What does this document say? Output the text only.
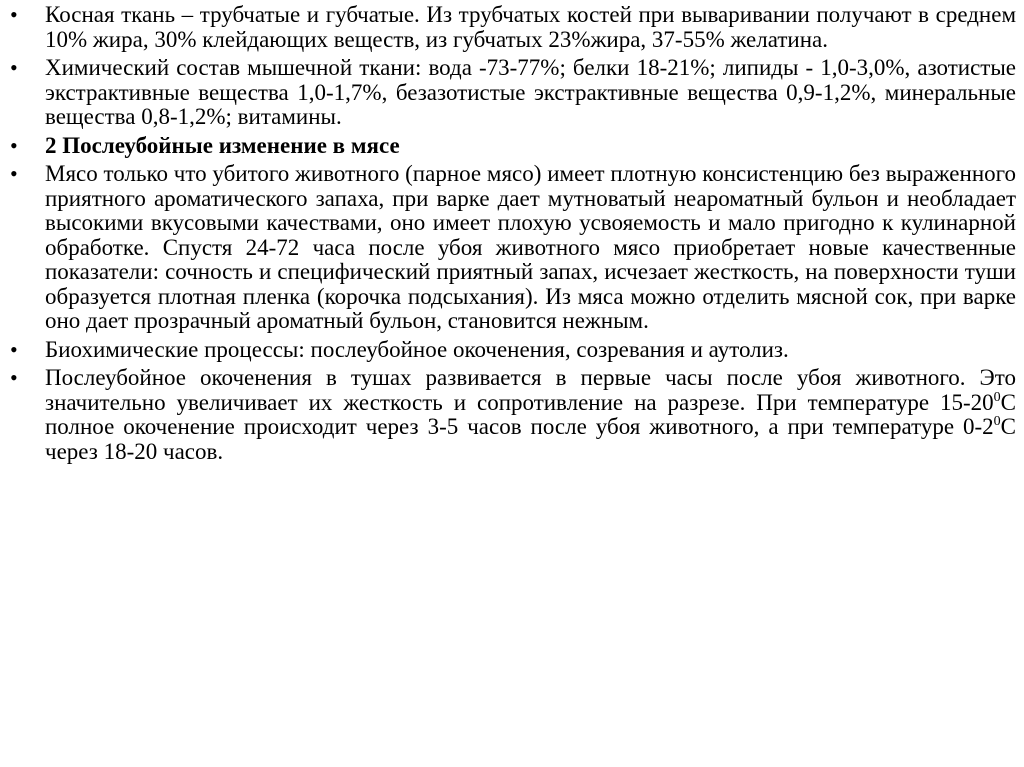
• Косная ткань – трубчатые и губчатые. Из трубчатых костей при вываривании получают в среднем 10% жира, 30% клейдающих веществ, из губчатых 23%жира, 37-55% желатина.
• Химический состав мышечной ткани: вода -73-77%; белки 18-21%; липиды - 1,0-3,0%, азотистые экстрактивные вещества 1,0-1,7%, безазотистые экстрактивные вещества 0,9-1,2%, минеральные вещества 0,8-1,2%; витамины.
• 2 Послеубойные изменение в мясе
• Мясо только что убитого животного (парное мясо) имеет плотную консистенцию без выраженного приятного ароматического запаха, при варке дает мутноватый неароматный бульон и необладает высокими вкусовыми качествами, оно имеет плохую усвояемость и мало пригодно к кулинарной обработке. Спустя 24-72 часа после убоя животного мясо приобретает новые качественные показатели: сочность и специфический приятный запах, исчезает жесткость, на поверхности туши образуется плотная пленка (корочка подсыхания). Из мяса можно отделить мясной сок, при варке оно дает прозрачный ароматный бульон, становится нежным.
• Биохимические процессы: послеубойное окоченения, созревания и аутолиз.
• Послеубойное окоченения в тушах развивается в первые часы после убоя животного. Это значительно увеличивает их жесткость и сопротивление на разрезе. При температуре $15-20^0С$ полное окоченение происходит через 3-5 часов после убоя животного, а при температуре $0-2^0С$ через 18-20 часов.
